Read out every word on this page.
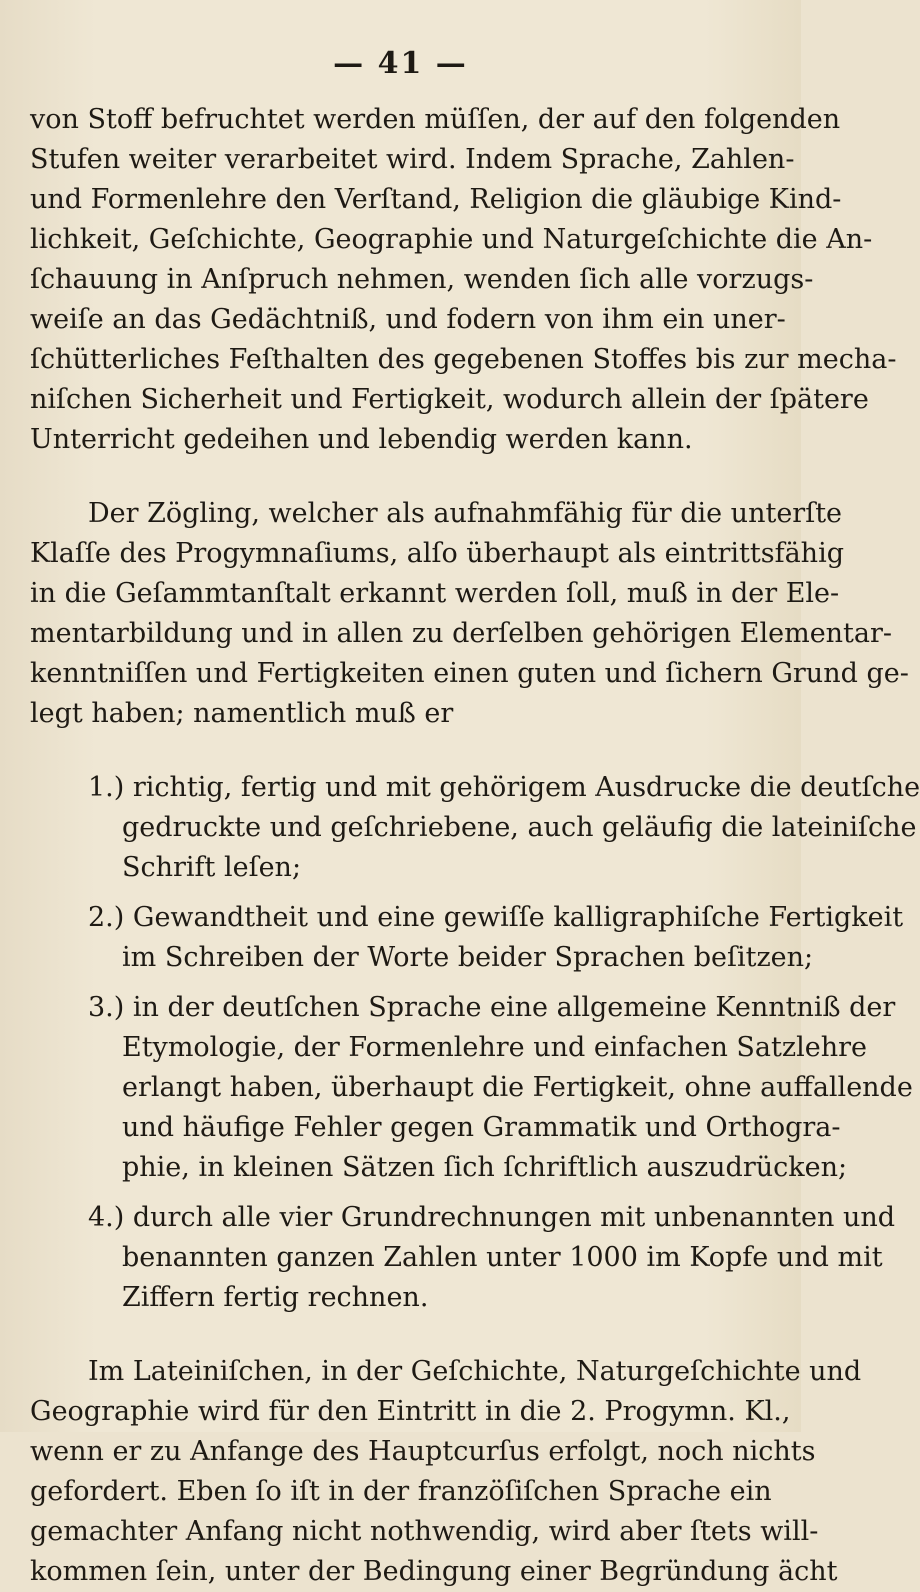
— 41 —
von Stoff befruchtet werden müſſen, der auf den folgenden
Stufen weiter verarbeitet wird. Indem Sprache, Zahlen-
und Formenlehre den Verſtand, Religion die gläubige Kind-
lichkeit, Geſchichte, Geographie und Naturgeſchichte die An-
ſchauung in Anſpruch nehmen, wenden ſich alle vorzugs-
weiſe an das Gedächtniß, und fodern von ihm ein uner-
ſchütterliches Feſthalten des gegebenen Stoffes bis zur mecha-
niſchen Sicherheit und Fertigkeit, wodurch allein der ſpätere
Unterricht gedeihen und lebendig werden kann.
Der Zögling, welcher als aufnahmfähig für die unterſte
Klaſſe des Progymnaſiums, alſo überhaupt als eintrittsfähig
in die Geſammtanſtalt erkannt werden ſoll, muß in der Ele-
mentarbildung und in allen zu derſelben gehörigen Elementar-
kenntniſſen und Fertigkeiten einen guten und ſichern Grund ge-
legt haben; namentlich muß er
1.) richtig, fertig und mit gehörigem Ausdrucke die deutſche
gedruckte und geſchriebene, auch geläufig die lateiniſche
Schrift leſen;
2.) Gewandtheit und eine gewiſſe kalligraphiſche Fertigkeit
im Schreiben der Worte beider Sprachen beſitzen;
3.) in der deutſchen Sprache eine allgemeine Kenntniß der
Etymologie, der Formenlehre und einfachen Satzlehre
erlangt haben, überhaupt die Fertigkeit, ohne auffallende
und häufige Fehler gegen Grammatik und Orthogra-
phie, in kleinen Sätzen ſich ſchriftlich auszudrücken;
4.) durch alle vier Grundrechnungen mit unbenannten und
benannten ganzen Zahlen unter 1000 im Kopfe und mit
Ziffern fertig rechnen.
Im Lateiniſchen, in der Geſchichte, Naturgeſchichte und
Geographie wird für den Eintritt in die 2. Progymn. Kl.,
wenn er zu Anfange des Hauptcurſus erfolgt, noch nichts
gefordert. Eben ſo iſt in der franzöſiſchen Sprache ein
gemachter Anfang nicht nothwendig, wird aber ſtets will-
kommen ſein, unter der Bedingung einer Begründung ächt
